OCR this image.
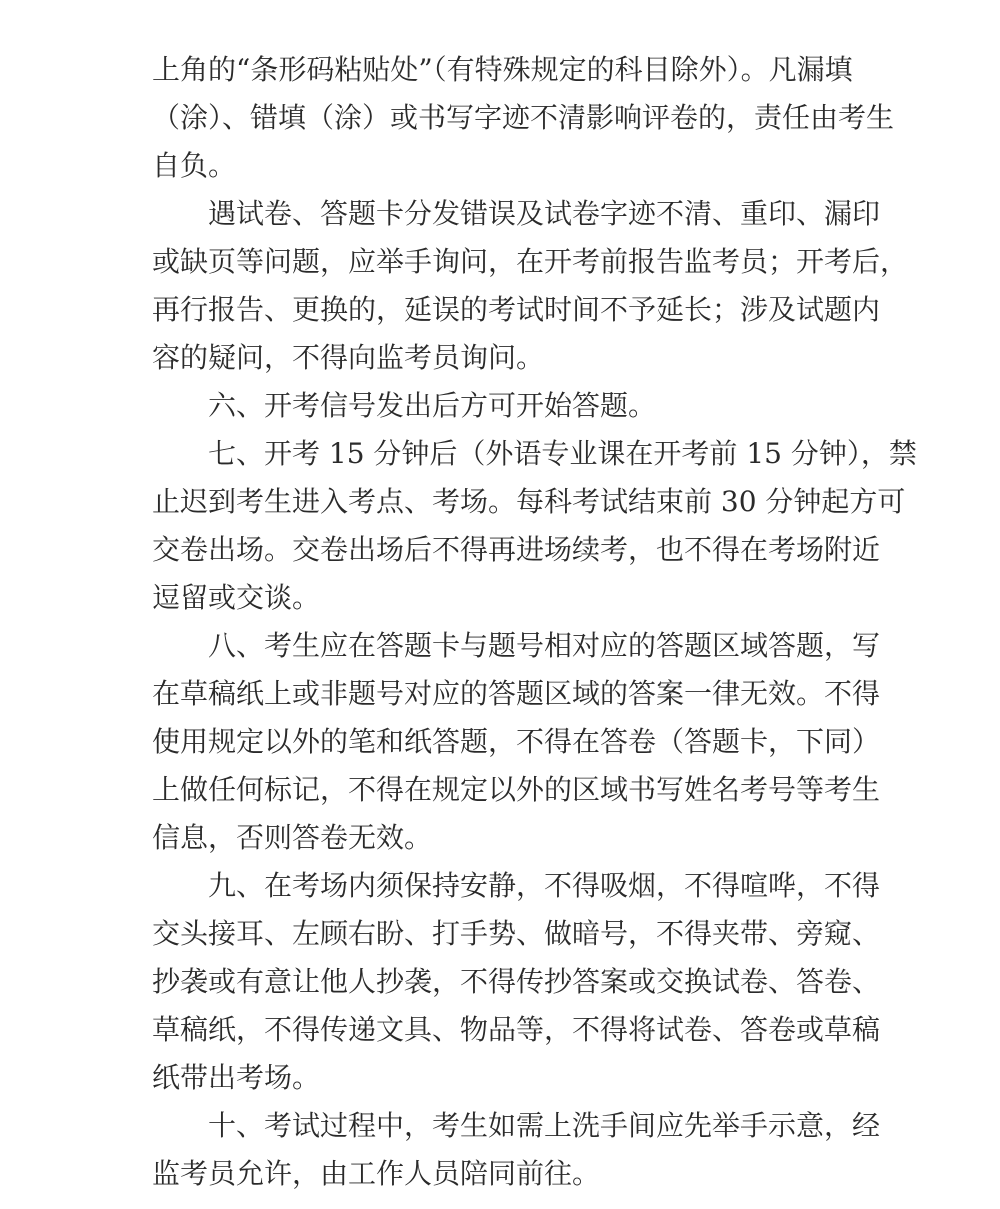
上角的“条形码粘贴处”（有特殊规定的科目除外）。凡漏填
（涂）、错填（涂）或书写字迹不清影响评卷的，责任由考生
自负。
遇试卷、答题卡分发错误及试卷字迹不清、重印、漏印
或缺页等问题，应举手询问，在开考前报告监考员；开考后，
再行报告、更换的，延误的考试时间不予延长；涉及试题内
容的疑问，不得向监考员询问。
六、开考信号发出后方可开始答题。
七、开考 15 分钟后（外语专业课在开考前 15 分钟），禁
止迟到考生进入考点、考场。每科考试结束前 30 分钟起方可
交卷出场。交卷出场后不得再进场续考，也不得在考场附近
逗留或交谈。
八、考生应在答题卡与题号相对应的答题区域答题，写
在草稿纸上或非题号对应的答题区域的答案一律无效。不得
使用规定以外的笔和纸答题，不得在答卷（答题卡，下同）
上做任何标记，不得在规定以外的区域书写姓名考号等考生
信息，否则答卷无效。
九、在考场内须保持安静，不得吸烟，不得喧哗，不得
交头接耳、左顾右盼、打手势、做暗号，不得夹带、旁窥、
抄袭或有意让他人抄袭，不得传抄答案或交换试卷、答卷、
草稿纸，不得传递文具、物品等，不得将试卷、答卷或草稿
纸带出考场。
十、考试过程中，考生如需上洗手间应先举手示意，经
监考员允许，由工作人员陪同前往。
